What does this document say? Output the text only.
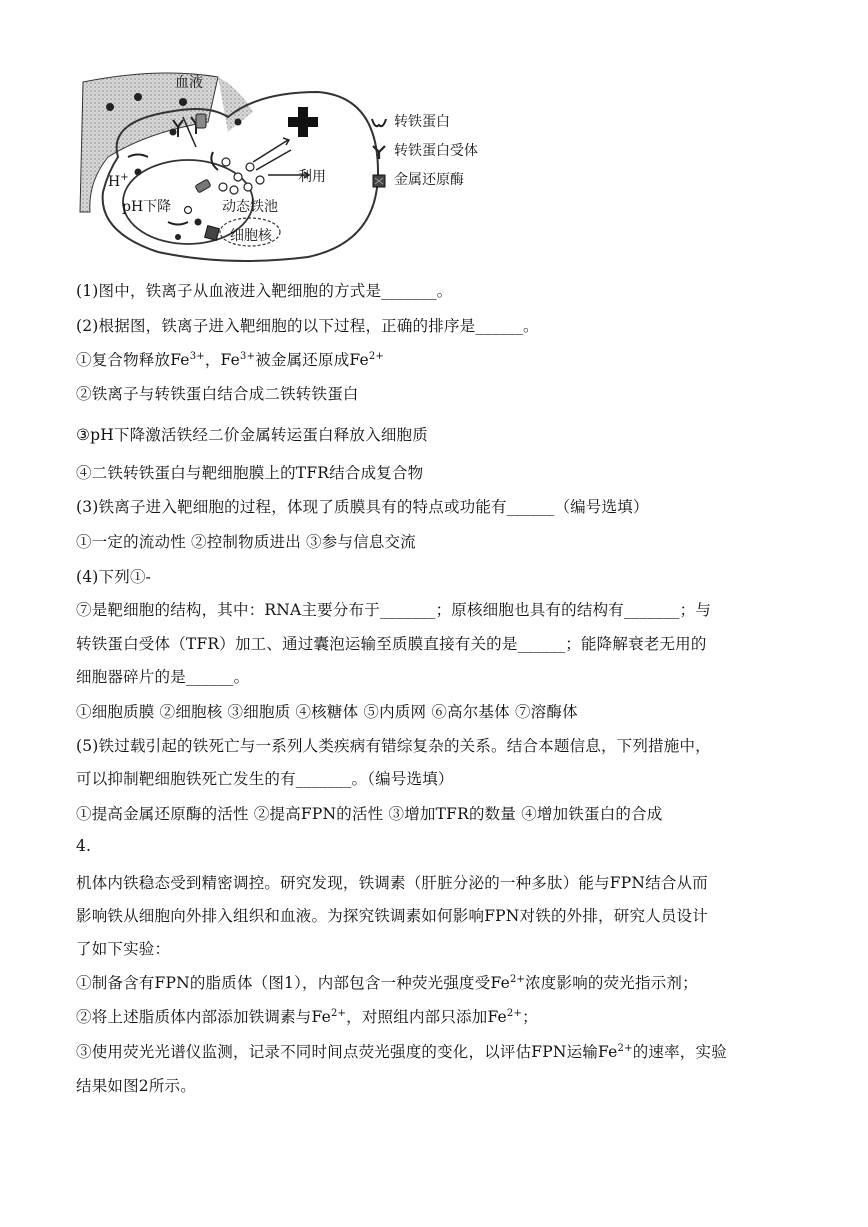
血液
H+
pH下降	动态铁池
细胞核
利用
转铁蛋白
转铁蛋白受体
金属还原酶
(1)图中，铁离子从血液进入靶细胞的方式是_______。
(2)根据图，铁离子进入靶细胞的以下过程，正确的排序是______。
①复合物释放$Fe^{3+}$，$Fe^{3+}$被金属还原成$Fe^{2+}$
②铁离子与转铁蛋白结合成二铁转铁蛋白
③pH下降激活铁经二价金属转运蛋白释放入细胞质
④二铁转铁蛋白与靶细胞膜上的TFR结合成复合物
(3)铁离子进入靶细胞的过程，体现了质膜具有的特点或功能有______（编号选填）
①一定的流动性 ②控制物质进出 ③参与信息交流
(4)下列①-
⑦是靶细胞的结构，其中：RNA主要分布于_______；原核细胞也具有的结构有_______；与
转铁蛋白受体（TFR）加工、通过囊泡运输至质膜直接有关的是______；能降解衰老无用的
细胞器碎片的是______。
①细胞质膜 ②细胞核 ③细胞质 ④核糖体 ⑤内质网 ⑥高尔基体 ⑦溶酶体
(5)铁过载引起的铁死亡与一系列人类疾病有错综复杂的关系。结合本题信息，下列措施中，
可以抑制靶细胞铁死亡发生的有_______。（编号选填）
①提高金属还原酶的活性 ②提高FPN的活性 ③增加TFR的数量 ④增加铁蛋白的合成
4.
机体内铁稳态受到精密调控。研究发现，铁调素（肝脏分泌的一种多肽）能与FPN结合从而
影响铁从细胞向外排入组织和血液。为探究铁调素如何影响FPN对铁的外排，研究人员设计
了如下实验：
①制备含有FPN的脂质体（图1），内部包含一种荧光强度受$Fe^{2+}$浓度影响的荧光指示剂；
②将上述脂质体内部添加铁调素与$Fe^{2+}$，对照组内部只添加$Fe^{2+}$；
③使用荧光光谱仪监测，记录不同时间点荧光强度的变化，以评估FPN运输$Fe^{2+}$的速率，实验
结果如图2所示。
